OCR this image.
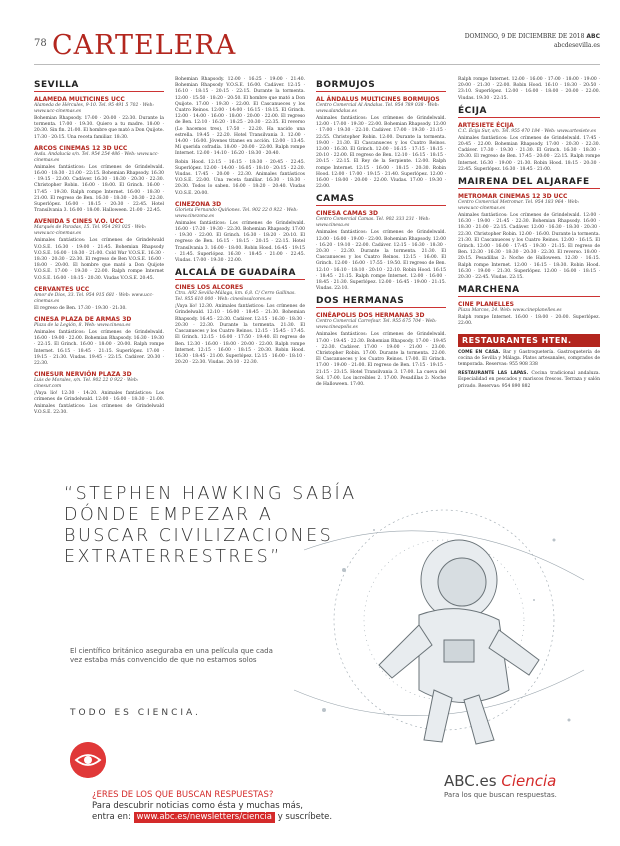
78 CARTELERA	DOMINGO, 9 DE DICIEMBRE DE 2018 ABC
abcdesevilla.es
SEVILLA
ALAMEDA MULTICINES UCC
Alameda de Hércules, 9-10. Tel. 95 491 5 702 · Web: www.ucc-cinemas.es
Bohemian Rhapsody. 17:00 · 20:00 · 22:30. Durante la tormenta. 17:00 · 19:30. Quiero a tu madre. 18:00 · 20:30. Sin fin. 21:00. El hombre que mató a Don Quijote. 17:30 · 20:15. Una receta familiar. 18:30.
ARCOS CINEMAS 12 3D UCC
Avda. Andalucía s/n. Tel. 954 254 486 · Web: www.ucc-cinemas.es
Animales fantásticos: Los crímenes de Grindelwald. 16:00 · 18:30 · 21:00 · 22:15. Bohemian Rhapsody. 16:30 · 19:15 · 22:00. Cadáver. 16:30 · 18:30 · 20:30 · 22:30. Christopher Robin. 16:00 · 18:00. El Grinch. 16:00 · 17:45 · 19:30. Ralph rompe Internet. 16:00 · 18:30 · 21:00. El regreso de Ben. 16:30 · 18:30 · 20:30 · 22:30. Superlópez. 16:00 · 18:15 · 20:30 · 22:45. Hotel Transilvania 3. 16:00 · 18:00. Halloween. 21:00 · 22:45.
AVENIDA 5 CINES V.O. UCC
Marqués de Paradas, 15. Tel. 954 293 025 · Web: www.ucc-cinemas.es
Animales fantásticos: Los crímenes de Grindelwald V.O.S.E. 16:30 · 19:00 · 21:45. Bohemian Rhapsody V.O.S.E. 16:00 · 18:30 · 21:00. Cold War V.O.S.E. 16:30 · 18:30 · 20:30 · 22:30. El regreso de Ben V.O.S.E. 16:00 · 18:00 · 20:00. El hombre que mató a Don Quijote V.O.S.E. 17:00 · 19:30 · 22:00. Ralph rompe Internet V.O.S.E. 16:00 · 18:15 · 20:30. Viudas V.O.S.E. 20:45.
CERVANTES UCC
Amor de Dios, 33. Tel. 954 915 681 · Web: www.ucc-cinemas.es
El regreso de Ben. 17:30 · 19:30 · 21:30.
CINESA PLAZA DE ARMAS 3D
Plaza de la Legión, 8. Web: www.cinesa.es
Animales fantásticos: Los crímenes de Grindelwald. 16:00 · 19:00 · 22:00. Bohemian Rhapsody. 16:30 · 19:30 · 22:15. El Grinch. 16:00 · 18:00 · 20:00. Ralph rompe Internet. 16:15 · 18:45 · 21:15. Superlópez. 17:00 · 19:15 · 21:30. Viudas. 19:45 · 22:15. Cadáver. 20:30 · 22:30.
CINESUR NERVIÓN PLAZA 3D
Luis de Morales, s/n. Tel. 902 22 0 922 · Web: cinesur.com
¡Vaya lío! 12:30 · 14:20. Animales fantásticos: Los crímenes de Grindelwald. 12:00 · 16:00 · 18:30 · 21:00. Animales fantásticos: Los crímenes de Grindelwald V.O.S.E. 22:30.
Bohemian Rhapsody. 12:00 · 16:25 · 19:00 · 21:40. Bohemian Rhapsody V.O.S.E. 16:00. Cadáver. 12:15 · 16:10 · 18:15 · 20:15 · 22:15. Durante la tormenta. 12:00 · 15:50 · 18:20 · 20:50. El hombre que mató a Don Quijote. 17:00 · 19:30 · 22:00. El Cascanueces y los Cuatro Reinos. 12:00 · 14:00 · 16:15 · 18:15. El Grinch. 12:00 · 14:00 · 16:00 · 18:00 · 20:00 · 22:00. El regreso de Ben. 12:10 · 16:20 · 18:25 · 20:30 · 22:35. El reverso (Lo hacemos tres). 17:50 · 22:20. Ha nacido una estrella. 19:45 · 22:20. Hotel Transilvania 3. 12:00 · 14:00 · 16:00. Jóvenes titanes en acción. 12:00 · 13:45. Mi querida cofradía. 18:00 · 20:00 · 22:00. Ralph rompe Internet. 12:00 · 14:10 · 16:20 · 18:30 · 20:40.
Robin Hood. 12:15 · 16:15 · 18:30 · 20:45 · 22:45. Superlópez. 12:00 · 14:00 · 16:05 · 18:10 · 20:15 · 22:20. Viudas. 17:45 · 20:00 · 22:30. Animales fantásticos V.O.S.E. 22:00. Una receta familiar. 16:30 · 18:30 · 20:30. Todos lo saben. 16:00 · 18:20 · 20:40. Viudas V.O.S.E. 20:00.
CINEZONA 3D
Glorieta Fernando Quiñones. Tel. 902 22 0 922 · Web: www.cinezona.es
Animales fantásticos: Los crímenes de Grindelwald. 16:00 · 17:20 · 19:30 · 22:30. Bohemian Rhapsody. 17:00 · 19:30 · 22:00. El Grinch. 16:30 · 18:20 · 20:10. El regreso de Ben. 16:15 · 18:15 · 20:15 · 22:15. Hotel Transilvania 3. 16:00 · 18:00. Robin Hood. 16:45 · 19:15 · 21:45. Superlópez. 16:30 · 18:45 · 21:00 · 22:45. Viudas. 17:00 · 19:30 · 22:00.
ALCALÁ DE GUADAÍRA
CINES LOS ALCORES
Ctra. A92 Sevilla-Málaga, km. 6,8. C/ Cerro Gallinas. Tel. 955 610 000 · Web: cineslosalcores.es
¡Vaya lío! 12:30. Animales fantásticos: Los crímenes de Grindelwald. 12:10 · 16:00 · 18:45 · 21:30. Bohemian Rhapsody. 16:45 · 22:30. Cadáver. 12:15 · 16:30 · 18:30 · 20:30 · 22:30. Durante la tormenta. 21:30. El Cascanueces y los Cuatro Reinos. 12:15 · 15:45 · 17:45. El Grinch. 12:15 · 16:00 · 17:50 · 19:40. El regreso de Ben. 12:30 · 16:00 · 18:00 · 20:00 · 22:00. Ralph rompe Internet. 12:15 · 16:00 · 18:15 · 20:30. Robin Hood. 16:30 · 18:45 · 21:00. Superlópez. 12:15 · 16:00 · 18:10 · 20:20 · 22:30. Viudas. 20:10 · 22:30.
BORMUJOS
AL ÁNDALUS MULTICINES BORMUJOS
Centro Comercial Al Ándalus. Tel. 954 789 038 · Web: www.alandalus.es
Animales fantásticos: Los crímenes de Grindelwald. 12:00 · 17:00 · 19:30 · 22:00. Bohemian Rhapsody. 12:00 · 17:00 · 19:30 · 22:10. Cadáver. 17:00 · 19:30 · 21:15 · 22:55. Christopher Robin. 12:00. Durante la tormenta. 19:00 · 21:30. El Cascanueces y los Cuatro Reinos. 12:00 · 16:30. El Grinch. 12:00 · 16:15 · 17:15 · 18:15 · 20:10 · 22:00. El regreso de Ben. 12:10 · 16:15 · 18:15 · 20:15 · 22:15. El Rey de la Serpiente. 12:00. Ralph rompe Internet. 12:15 · 16:00 · 18:15 · 20:30. Robin Hood. 12:00 · 17:00 · 19:15 · 21:40. Superlópez. 12:00 · 16:00 · 18:00 · 20:00 · 22:00. Viudas. 17:00 · 19:30 · 22:00.
CAMAS
CINESA CAMAS 3D
Centro Comercial Camas. Tel. 902 333 231 · Web: www.cinesa.es
Animales fantásticos: Los crímenes de Grindelwald. 12:00 · 16:00 · 19:00 · 22:00. Bohemian Rhapsody. 12:00 · 16:20 · 19:10 · 22:00. Cadáver. 12:15 · 16:30 · 18:30 · 20:30 · 22:30. Durante la tormenta. 21:30. El Cascanueces y los Cuatro Reinos. 12:15 · 16:00. El Grinch. 12:00 · 16:00 · 17:55 · 19:50. El regreso de Ben. 12:10 · 16:10 · 18:10 · 20:10 · 22:10. Robin Hood. 16:15 · 18:45 · 21:15. Ralph rompe Internet. 12:00 · 16:00 · 18:45 · 21:30. Superlópez. 12:00 · 16:45 · 19:00 · 21:15. Viudas. 22:10.
DOS HERMANAS
CINÉAPOLIS DOS HERMANAS 3D
Centro Comercial Carrefour. Tel. 955 675 704 · Web: www.cineapolis.es
Animales fantásticos: Los crímenes de Grindelwald. 17:00 · 19:45 · 22:30. Bohemian Rhapsody. 17:00 · 19:45 · 22:30. Cadáver. 17:00 · 19:00 · 21:00 · 23:00. Christopher Robin. 17:00. Durante la tormenta. 22:00. El Cascanueces y los Cuatro Reinos. 17:00. El Grinch. 17:00 · 19:00 · 21:00. El regreso de Ben. 17:15 · 19:15 · 21:15 · 23:15. Hotel Transilvania 3. 17:00. La cueva del Sol. 17:00. Los increíbles 2. 17:00. Pesadillas 2: Noche de Halloween. 17:00.
Ralph rompe Internet. 12:00 · 16:00 · 17:00 · 18:00 · 19:00 · 20:00 · 21:30 · 22:00. Robin Hood. 16:10 · 18:30 · 20:50 · 23:10. Superlópez. 12:00 · 16:00 · 18:00 · 20:00 · 22:00. Viudas. 19:30 · 22:15.
ÉCIJA
ARTESIETE ÉCIJA
C.C. Écija Sur, s/n. Tel. 955 470 184 · Web: www.artesiete.es
Animales fantásticos: Los crímenes de Grindelwald. 17:45 · 20:45 · 22:00. Bohemian Rhapsody. 17:00 · 20:30 · 22:30. Cadáver. 17:30 · 19:30 · 21:30. El Grinch. 16:30 · 18:30 · 20:30. El regreso de Ben. 17:45 · 20:00 · 22:15. Ralph rompe Internet. 16:30 · 19:00 · 21:30. Robin Hood. 18:15 · 20:30 · 22:45. Superlópez. 16:30 · 18:45 · 21:00.
MAIRENA DEL ALJARAFE
METROMAR CINEMAS 12 3D UCC
Centro Comercial Metromar. Tel. 954 183 964 · Web: www.ucc-cinemas.es
Animales fantásticos: Los crímenes de Grindelwald. 12:00 · 16:30 · 19:00 · 21:45 · 22:30. Bohemian Rhapsody. 16:00 · 18:30 · 21:00 · 22:15. Cadáver. 12:00 · 16:30 · 18:30 · 20:30 · 22:30. Christopher Robin. 12:00 · 16:00. Durante la tormenta. 21:30. El Cascanueces y los Cuatro Reinos. 12:00 · 16:15. El Grinch. 12:00 · 16:00 · 17:45 · 19:30 · 21:15. El regreso de Ben. 12:30 · 16:30 · 18:30 · 20:30 · 22:30. El reverso. 18:00 · 20:15. Pesadillas 2: Noche de Halloween. 12:30 · 16:15. Ralph rompe Internet. 12:00 · 16:15 · 18:30. Robin Hood. 16:30 · 19:00 · 21:30. Superlópez. 12:00 · 16:00 · 18:15 · 20:30 · 22:45. Viudas. 22:15.
MARCHENA
CINE PLANELLES
Plaza Marcos, 24. Web: www.cineplanelles.es
Ralph rompe Internet. 16:00 · 18:00 · 20:00. Superlópez. 22:00.
RESTAURANTES HTEN.
COME EN CASA. Bar y Gastroquetería. Gastroquetería de cocina de Sevilla y Málaga. Platos artesanales, comprados de temporada. Reservas: 955 908 338
RESTAURANTE LAS LAPAS. Cocina tradicional andaluza. Especialidad en pescados y mariscos frescos. Terraza y salón privado. Reservas: 954 890 882
“STEPHEN HAWKING SABÍA DÓNDE EMPEZAR A BUSCAR CIVILIZACIONES EXTRATERRESTRES”
El científico británico aseguraba en una película que cada vez estaba más convencido de que no estamos solos
TODO ES CIENCIA.
¿ERES DE LOS QUE BUSCAN RESPUESTAS?
Para descubrir noticias como ésta y muchas más,
entra en: www.abc.es/newsletters/ciencia y suscríbete.
ABC.es Ciencia
Para los que buscan respuestas.
